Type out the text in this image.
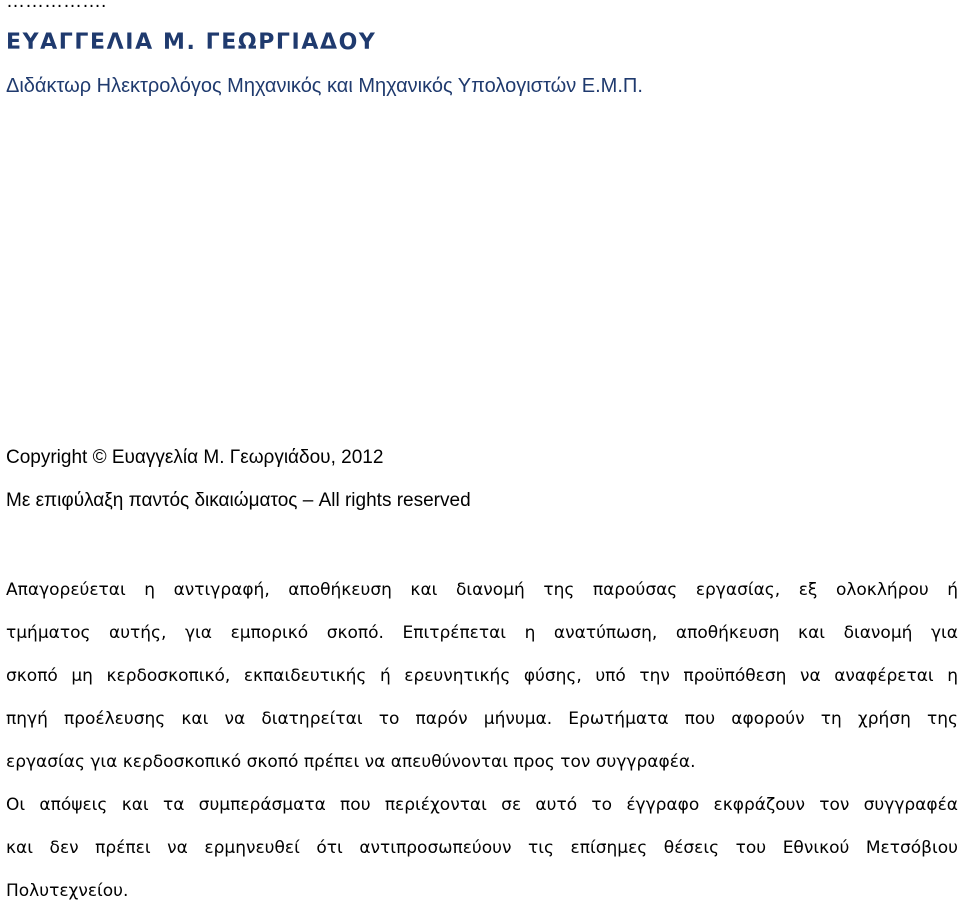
…………….
ΕΥΑΓΓΕΛΙΑ Μ. ΓΕΩΡΓΙΑΔΟΥ
Διδάκτωρ Ηλεκτρολόγος Μηχανικός και Μηχανικός Υπολογιστών Ε.Μ.Π.
Copyright © Ευαγγελία Μ. Γεωργιάδου, 2012
Με επιφύλαξη παντός δικαιώματος – All rights reserved

Απαγορεύεται η αντιγραφή, αποθήκευση και διανομή της παρούσας εργασίας, εξ ολοκλήρου ή
τμήματος αυτής, για εμπορικό σκοπό. Επιτρέπεται η ανατύπωση, αποθήκευση και διανομή για
σκοπό μη κερδοσκοπικό, εκπαιδευτικής ή ερευνητικής φύσης, υπό την προϋπόθεση να αναφέρεται η
πηγή προέλευσης και να διατηρείται το παρόν μήνυμα. Ερωτήματα που αφορούν τη χρήση της
εργασίας για κερδοσκοπικό σκοπό πρέπει να απευθύνονται προς τον συγγραφέα.

Οι απόψεις και τα συμπεράσματα που περιέχονται σε αυτό το έγγραφο εκφράζουν τον συγγραφέα
και δεν πρέπει να ερμηνευθεί ότι αντιπροσωπεύουν τις επίσημες θέσεις του Εθνικού Μετσόβιου
Πολυτεχνείου.
